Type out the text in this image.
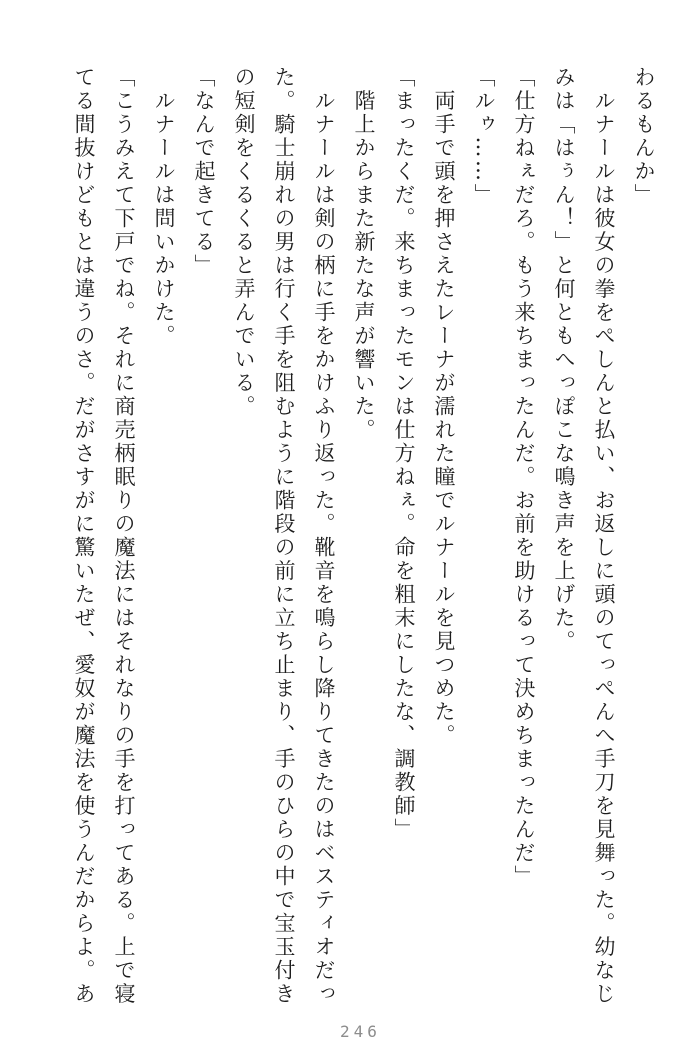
わるもんか」

　ルナールは彼女の拳をぺしんと払い、お返しに頭のてっぺんへ手刀を見舞った。幼なじ

みは「はぅん！」と何ともへっぽこな鳴き声を上げた。

「仕方ねぇだろ。もう来ちまったんだ。お前を助けるって決めちまったんだ」

「ルゥ……」

　両手で頭を押さえたレーナが濡れた瞳でルナールを見つめた。

「まったくだ。来ちまったモンは仕方ねぇ。命を粗末にしたな、調教師」

　階上からまた新たな声が響いた。

　ルナールは剣の柄に手をかけふり返った。靴音を鳴らし降りてきたのはベスティオだっ

た。騎士崩れの男は行く手を阻むように階段の前に立ち止まり、手のひらの中で宝玉付き

の短剣をくるくると弄んでいる。

「なんで起きてる」

　ルナールは問いかけた。

「こうみえて下戸でね。それに商売柄眠りの魔法にはそれなりの手を打ってある。上で寝

てる間抜けどもとは違うのさ。だがさすがに驚いたぜ、愛奴が魔法を使うんだからよ。あ

246
